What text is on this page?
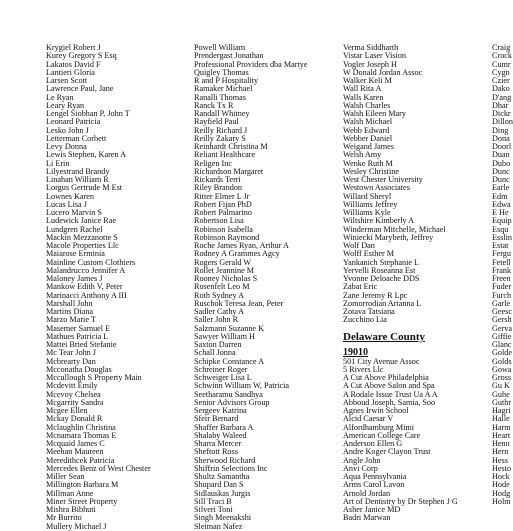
Krygiel Robert J
Kurey Gregory S Esq
Lakatos David F
Lantieri Gloria
Larsen Scott
Lawrence Paul, Jane
Le Ryan
Leary Ryan
Lengel Siobhan P, John T
Leonard Patricia
Lesko John J
Letterman Corbett
Levy Donna
Lewis Stephen, Karen A
Li Erin
Lilyestrand Brandy
Linahan William R
Lorgus Gertrude M Est
Lownes Karen
Lucas Lisa J
Lucero Marvin S
Ludewick Janice Rae
Lundgren Rachel
Mackin Mezzanotte S
Macole Properties Llc
Maiarose Erminia
Mainline Custom Clothiers
Malandrucco Jennifer A
Maloney James J
Mankow Edith V, Peter
Marinacci Anthony A III
Marshall John
Martins Diana
Marzo Marie T
Masemer Samuel E
Mathues Patricia L
Mattei Bried Stefanie
Mc Tear John J
Mcbrearty Dan
Mcconatha Douglas
Mccullough S Property Main
Mcdevitt Emily
Mcevoy Chelsea
Mcgarrity Sandra
Mcgee Ellen
Mckay Donald R
Mclaughlin Christina
Mcnamara Thomas E
Mcquaid James C
Meehan Maureen
Meredithcek Patricia
Mercedes Benz of West Chester
Miller Sean
Millington Barbara M
Millman Anne
Miner Street Property
Mishra Bibhuti
Mr Burrito
Mullery Michael J
Powell William
Prendergast Jonathan
Professional Providers dba Martye
Quigley Thomas
R and P Hospitality
Ramaker Michael
Ranalli Thomas
Ranck Tx R
Randall Whitney
Rayfield Paul
Reilly Richard J
Reilly Zakary S
Reinhardt Christina M
Reliant Healthcare
Religen Inc
Richardson Margaret
Rickards Terri
Riley Brandon
Ritter Elmer L Jr
Robert Fijan PhD
Robert Palmarino
Robertson Lisa
Robinson Isabella
Robinson Raymond
Roche James Ryan, Arthur A
Rodney A Grammes Agcy
Rogers Gerald W
Rollet Jeannine M
Rooney Nicholas S
Rosenfelt Leo M
Roth Sydney A
Ruschok Teresa Jean, Peter
Sadler Cathy A
Saller John R
Salzmann Suzanne K
Sawyer William H
Saxton Darren
Schall Jonna
Schipke Constance A
Schreiner Roger
Schweiger Lisa L
Schwinn William W, Patricia
Seetharamu Sandhya
Senior Advisors Group
Sergeev Katrina
Sfeir Bernard
Shaffer Barbara A
Shalaby Waleed
Sharra Mercer
Sheftott Ross
Sherwood Richard
Shiffrin Selections Inc
Shultz Samantha
Shupard Dan S
Sidlauskas Jurgis
Sill Traci B
Silveri Toni
Singh Meenakshi
Sleiman Nafez
Verma Siddharth
Vistar Laser Vision
Vogler Joseph H
W Donald Jordan Assoc
Walker Keli M
Wall Rita A
Walls Karen
Walsh Charles
Walsh Eileen Mary
Walsh Michael
Webb Edward
Webber Daniel
Weigand James
Welsh Amy
Wenke Ruth M
Wesley Christine
West Chester University
Westown Associates
Willard Sheryl
Williams Jeffrey
Williams Kyle
Wiltshire Kimberly A
Winderman Mitchelle, Michael
Winiecki Marybeth, Jeffrey
Wolf Dan
Wolff Esther M
Yankanich Stephanie L
Yervelli Roseanna Est
Yvonne Deloache DDS
Zabat Eric
Zane Jeremy R Lpc
Zomorrodian Arianna L
Zotava Tatsiana
Zucchino Lia
Delaware County
19010
501 City Avenue Assoc
5 Rivers Llc
A Cut Above Philadelphia
A Cut Above Salon and Spa
A Rodale Issue Trust Ua A A
Abboud Joseph, Samia, Soo
Agnes Irwin School
Alcid Caesar V
Alfordhamburg Mimi
American College Care
Anderson Ellen G
Andre Koger Clayon Trust
Angle John
Anvi Corp
Aqua Pennsylvania
Arms Carol Lavon
Arnold Jordan
Art of Dentistry by Dr Stephen J G
Asher Janice MD
Badri Marwan
Craig
Crock
Cumr
Cygn
Czier
Dako
D'ang
Dhar
Dickr
Dillon
Ding
Dona
Doorl
Duan
Dubo
Dunc
Dunc
Earle
Edm
Edwa
E He
Equip
Esqu
Esslin
Estat
Fergu
Fetell
Frank
Freen
Fuder
Furch
Garle
Geesc
Gersh
Gerva
Giffie
Glanc
Golde
Golds
Gowa
Gross
Gu K
Guhe
Guthr
Hagri
Halle
Harm
Heart
Henn
Hern
Hess
Hesto
Hock
Hode
Hodg
Holm
